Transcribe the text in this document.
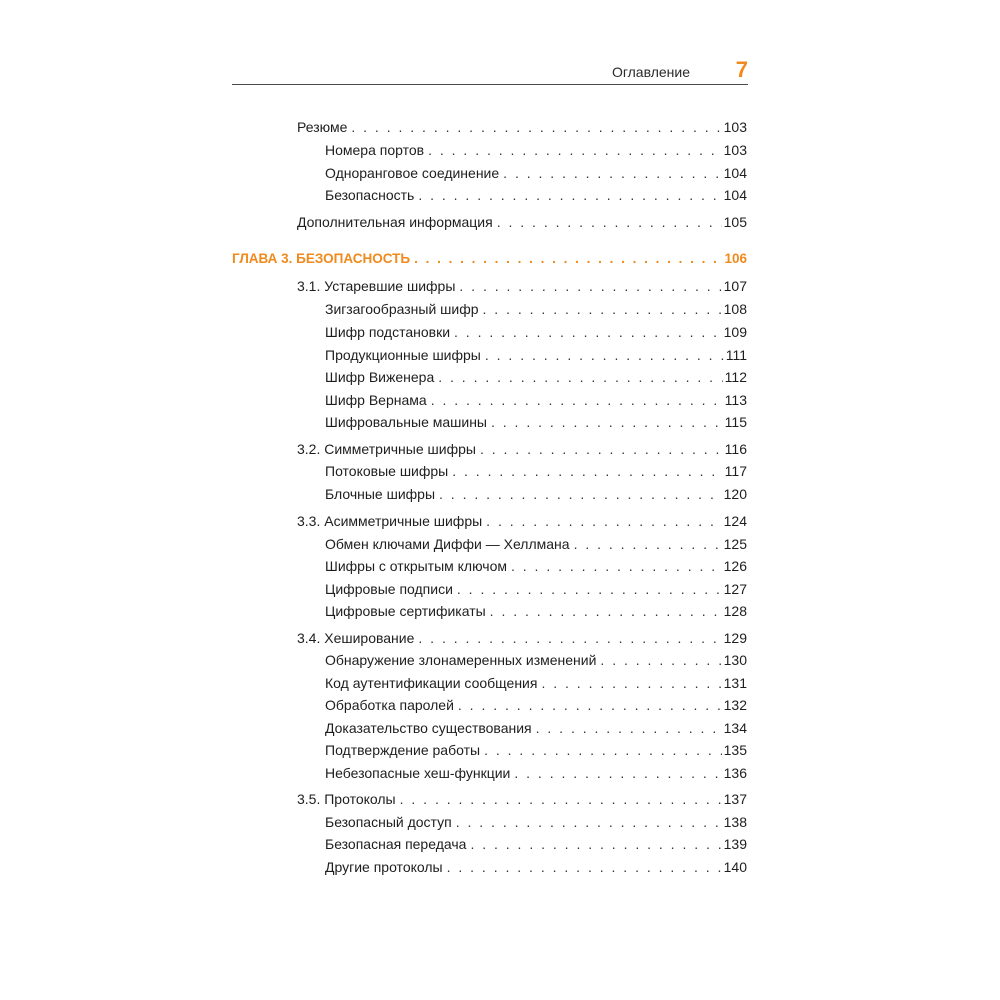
Оглавление 7
Резюме . . .	103
Номера портов . . .	103
Одноранговое соединение . . .	104
Безопасность . . .	104
Дополнительная информация . . .	105
ГЛАВА 3. БЕЗОПАСНОСТЬ . . .	106
3.1. Устаревшие шифры . . .	107
Зигзагообразный шифр . . .	108
Шифр подстановки . . .	109
Продукционные шифры . . .	111
Шифр Виженера . . .	112
Шифр Вернама . . .	113
Шифровальные машины . . .	115
3.2. Симметричные шифры . . .	116
Потоковые шифры . . .	117
Блочные шифры . . .	120
3.3. Асимметричные шифры . . .	124
Обмен ключами Диффи — Хеллмана . . .	125
Шифры с открытым ключом . . .	126
Цифровые подписи . . .	127
Цифровые сертификаты . . .	128
3.4. Хеширование . . .	129
Обнаружение злонамеренных изменений . . .	130
Код аутентификации сообщения . . .	131
Обработка паролей . . .	132
Доказательство существования . . .	134
Подтверждение работы . . .	135
Небезопасные хеш-функции . . .	136
3.5. Протоколы . . .	137
Безопасный доступ . . .	138
Безопасная передача . . .	139
Другие протоколы . . .	140
